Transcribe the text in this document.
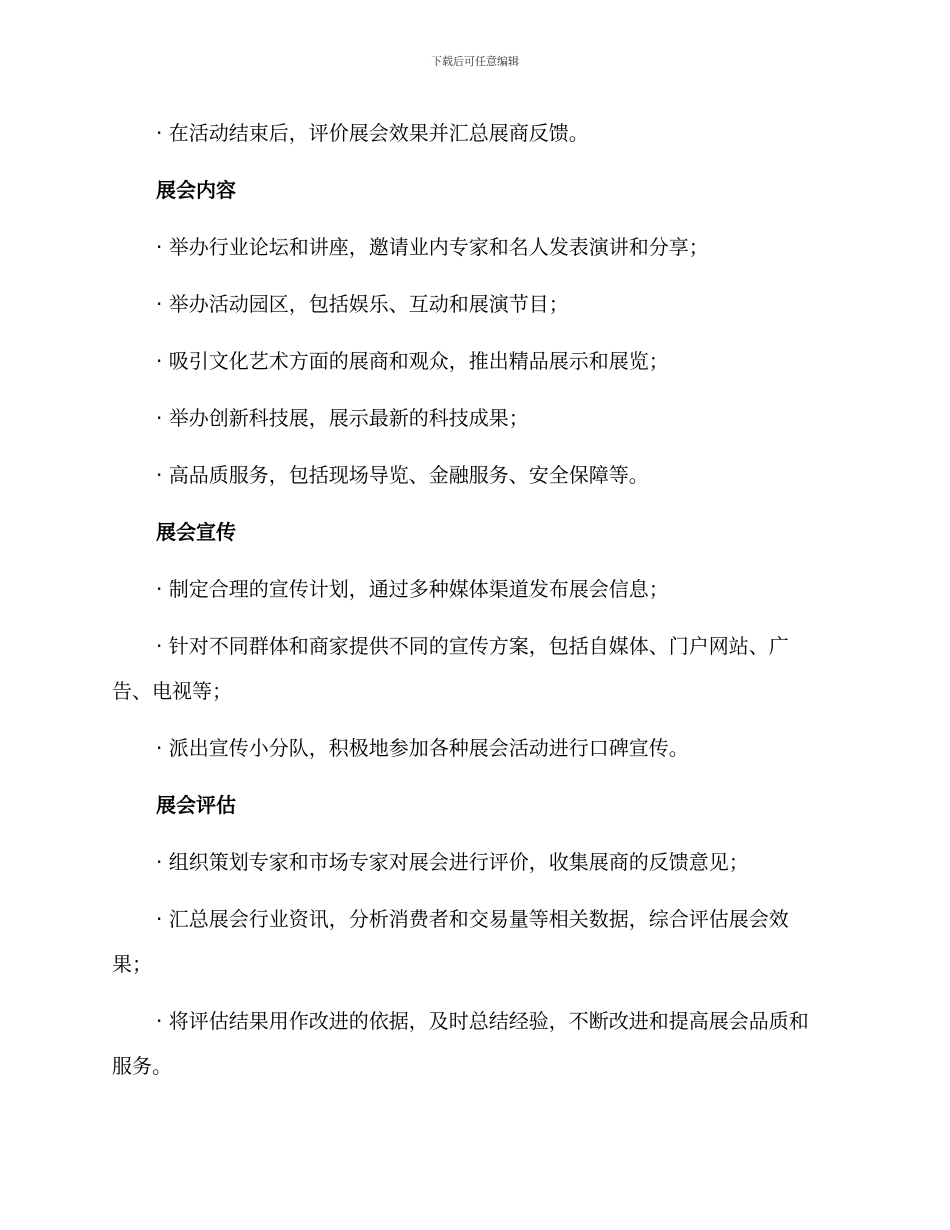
下载后可任意编辑

· 在活动结束后，评价展会效果并汇总展商反馈。

展会内容

· 举办行业论坛和讲座，邀请业内专家和名人发表演讲和分享；

· 举办活动园区，包括娱乐、互动和展演节目；

· 吸引文化艺术方面的展商和观众，推出精品展示和展览；

· 举办创新科技展，展示最新的科技成果；

· 高品质服务，包括现场导览、金融服务、安全保障等。

展会宣传

· 制定合理的宣传计划，通过多种媒体渠道发布展会信息；

· 针对不同群体和商家提供不同的宣传方案，包括自媒体、门户网站、广告、电视等；

· 派出宣传小分队，积极地参加各种展会活动进行口碑宣传。

展会评估

· 组织策划专家和市场专家对展会进行评价，收集展商的反馈意见；

· 汇总展会行业资讯，分析消费者和交易量等相关数据，综合评估展会效果；

· 将评估结果用作改进的依据，及时总结经验，不断改进和提高展会品质和服务。
